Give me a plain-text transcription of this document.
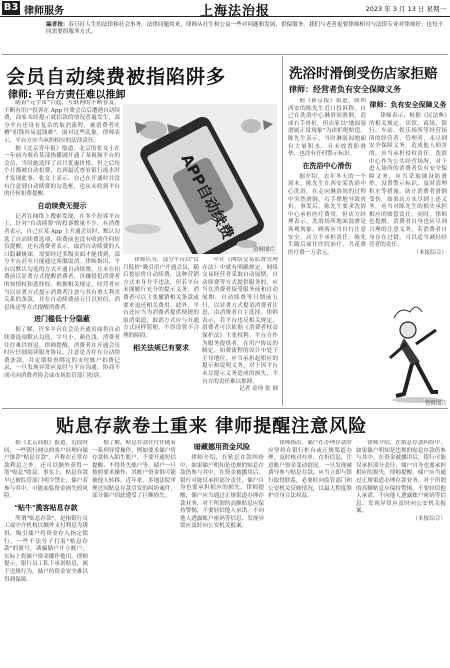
B3 律师服务	上海法治报	2023 年 3 月 13 日 星期一
编者按：春日打人生的法律和社会事务，法律问题用来，律师从社生和公益一些对问题和发展，供保服务。我们与老者更要律师相对与法律专业对律师好；也每不同需要的服务方式。
会员自动续费被指陷阱多
律师: 平台方责任难以推卸

随着"元宇宙"兴起，互联网的不断普及，不断有用户投诉在 App 付费会员后遭遇自动续费，商家未经提示就扣款的情况普遍发生，部分平台还设有复杂的取消流程，被消费者吐槽"扣钱容易退钱难"。面对这些乱象，律师表示，平台方应当承担相应的法律责任。

据《北京青年报》报道，北京的张女士在一年前为观看某部热播剧开通了某视频平台的会员，当时她选择了首月优惠价格，但之后每个月都被自动扣费，直到最近查看银行流水时才发现此事。张女士表示，自己在开通时并没有注意到自动续费的勾选框，也从未收到平台的任何扣费提醒。

自动续费无提示

记者在网络上搜索发现，在多个投诉平台上，针对"自动续费"的投诉数量不少，有消费者表示，自己在某 App 上开通会员时，默认勾选了自动续费选项，续费前也没有收到任何短信提醒；还有消费者表示，取消自动续费的入口隐藏极深，需要经过多级页面才能找到，部分平台甚至只能通过客服取消。律师指出，平台以默认勾选的方式开通自动续费，且未在扣费前以显著方式提醒消费者，涉嫌侵犯消费者的知情权和选择权。根据相关规定，经营者应当以显著方式提示消费者注意与其有重大利害关系的条款，并在自动续费前五日以短信、消息推送等方式提醒消费者。

进门槛低十分隐蔽

据了解，许多平台在会员开通页面将自动续费选项默认勾选，字号小、颜色浅，消费者往往难以察觉。律师提醒，消费者在开通会员时应仔细阅读服务协议，注意是否存在自动续费条款，并定期检查绑定的支付账户扣费记录，一旦发现异常应及时与平台沟通，协商不成可向消费者协会或市场监管部门投诉。

APP自动续费
资料图片

律师认为，部分平台以"首月低价"吸引用户开通会员，随后按原价自动续费，这种营销方式本身并不违法，但若平台未能履行充分的提示义务，消费者可以主张撤销相关条款或要求退还相关费用。此外，平台还应当为消费者提供便捷的取消渠道，取消方式应与开通方式同样简便，不得设置不合理的障碍。

相关法规已有要求

早在《网络交易监督管理办法》中就有明确规定，网络交易经营者采取自动展期、自动续费等方式提供服务的，应当在消费者接受服务前和自动展期、自动续费等日期前五日，以显著方式提请消费者注意，由消费者自主选择。律师表示，若平台违反相关规定，消费者可以依据《消费者权益保护法》主张权利。平台方作为服务提供者，在用户协议的制定、扣费流程的设计中处于主导地位，应当承担起相应的提示和说明义务，对于因平台未尽提示义务造成的损失，平台方的责任难以推卸。

记者 金珍 张 圆
洗浴时滑倒受伤店家拒赔
律师：经营者负有安全保障义务

据《新京报》报道，陕西西安的陈先生近日投诉称，自己在洗浴中心淋浴间滑倒，造成右手骨折，但店家以"地面湿滑属正常现象"为由拒绝赔偿。陈先生表示，当时淋浴间地面有大量积水，且未放置防滑垫，也没有任何警示标识。

在洗浴中心滑伤

据介绍，去年冬天的一个周末，陈先生在西安某洗浴中心洗浴，在走向淋浴间的过程中突然滑倒，右手撑地导致骨折。事发后，陈先生要求洗浴中心承担医疗费用，但店方经理表示，洗浴场所地面湿滑是客观现象，顾客应当自行注意安全，店方不承担责任。陈先生随后前往医院治疗，共花费医疗费一万余元。

律师：负有安全保障义务

律师表示，根据《民法典》的相关规定，宾馆、商场、银行、车站、娱乐场所等经营场所的经营者、管理者，未尽到安全保障义务，造成他人损害的，应当承担侵权责任。洗浴中心作为公共经营场所，对于进入场所的消费者负有安全保障义务，应当采取铺设防滑垫、设置警示标识、及时清理积水等措施，防止消费者滑倒受伤。如果店方未尽到上述义务，应当对陈先生的损失承担相应的赔偿责任。同时，律师也提醒，消费者自身也应尽到合理的注意义务，若消费者自身存在过错，可以适当减轻经营者的责任。

（本报综合）
资料图片
贴息存款卷土重来 律师提醒注意风险

据《北京商报》报道，近段时间，一些银行网点的客户经理向储户推荐"贴息存款"，声称在正常存款利息之外，还可以额外获得一笔"贴息"收益。事实上，贴息存款早已被监管部门明令禁止，储户若参与其中，可能面临资金损失的风险。

"贴牛"揽客贴息存款

所谓"贴息存款"，是指银行员工或中介机构以额外支付利息为诱饵，吸引储户将资金存入指定银行。一些不法分子打着"贴息存款"的旗号，诱骗储户开立账户，实际上将储户资金挪作他用。律师提示，银行员工私下承诺贴息，属于违规行为，储户的资金安全难以得到保障。

据了解，贴息存款往往伴随着一系列异常操作，例如要求储户将存款转入陌生账户、不要开通短信提醒、不得挂失账户等。储户一旦按照要求操作，其账户资金很可能被他人转移。近年来，多地法院审理过因贴息存款引发的纠纷案件，部分储户因此遭受了巨额损失。

暗藏挪用资金风险

律师介绍，在贴息存款纠纷中，如果储户明知是违规的贴息存款仍参与其中，在资金被挪用后，银行可能仅承担部分责任，储户自身也要承担相应的损失。律师提醒，储户应当通过正规渠道办理存款业务，对于所谓的高额贴息应保持警惕，不要轻信他人承诺，不向他人透露账户密码等信息，发现异常应及时向公安机关报案。

律师指出，储户在办理存款时应坚持在银行柜台或正规渠道办理，及时核对存单、存折信息，注意账户资金变动情况。一旦发现被诱导参与贴息存款，应当立即与银行取得联系，必要时向监管部门和公安机关反映情况，以最大程度维护自身合法权益。

律师介绍，在贴息存款纠纷中，如果储户明知是违规的贴息存款仍参与其中，在资金被挪用后，银行可能仅承担部分责任，储户自身也要承担相应的损失。律师提醒，储户应当通过正规渠道办理存款业务，对于所谓的高额贴息应保持警惕，不要轻信他人承诺，不向他人透露账户密码等信息，发现异常应及时向公安机关报案。

（本报综合）
